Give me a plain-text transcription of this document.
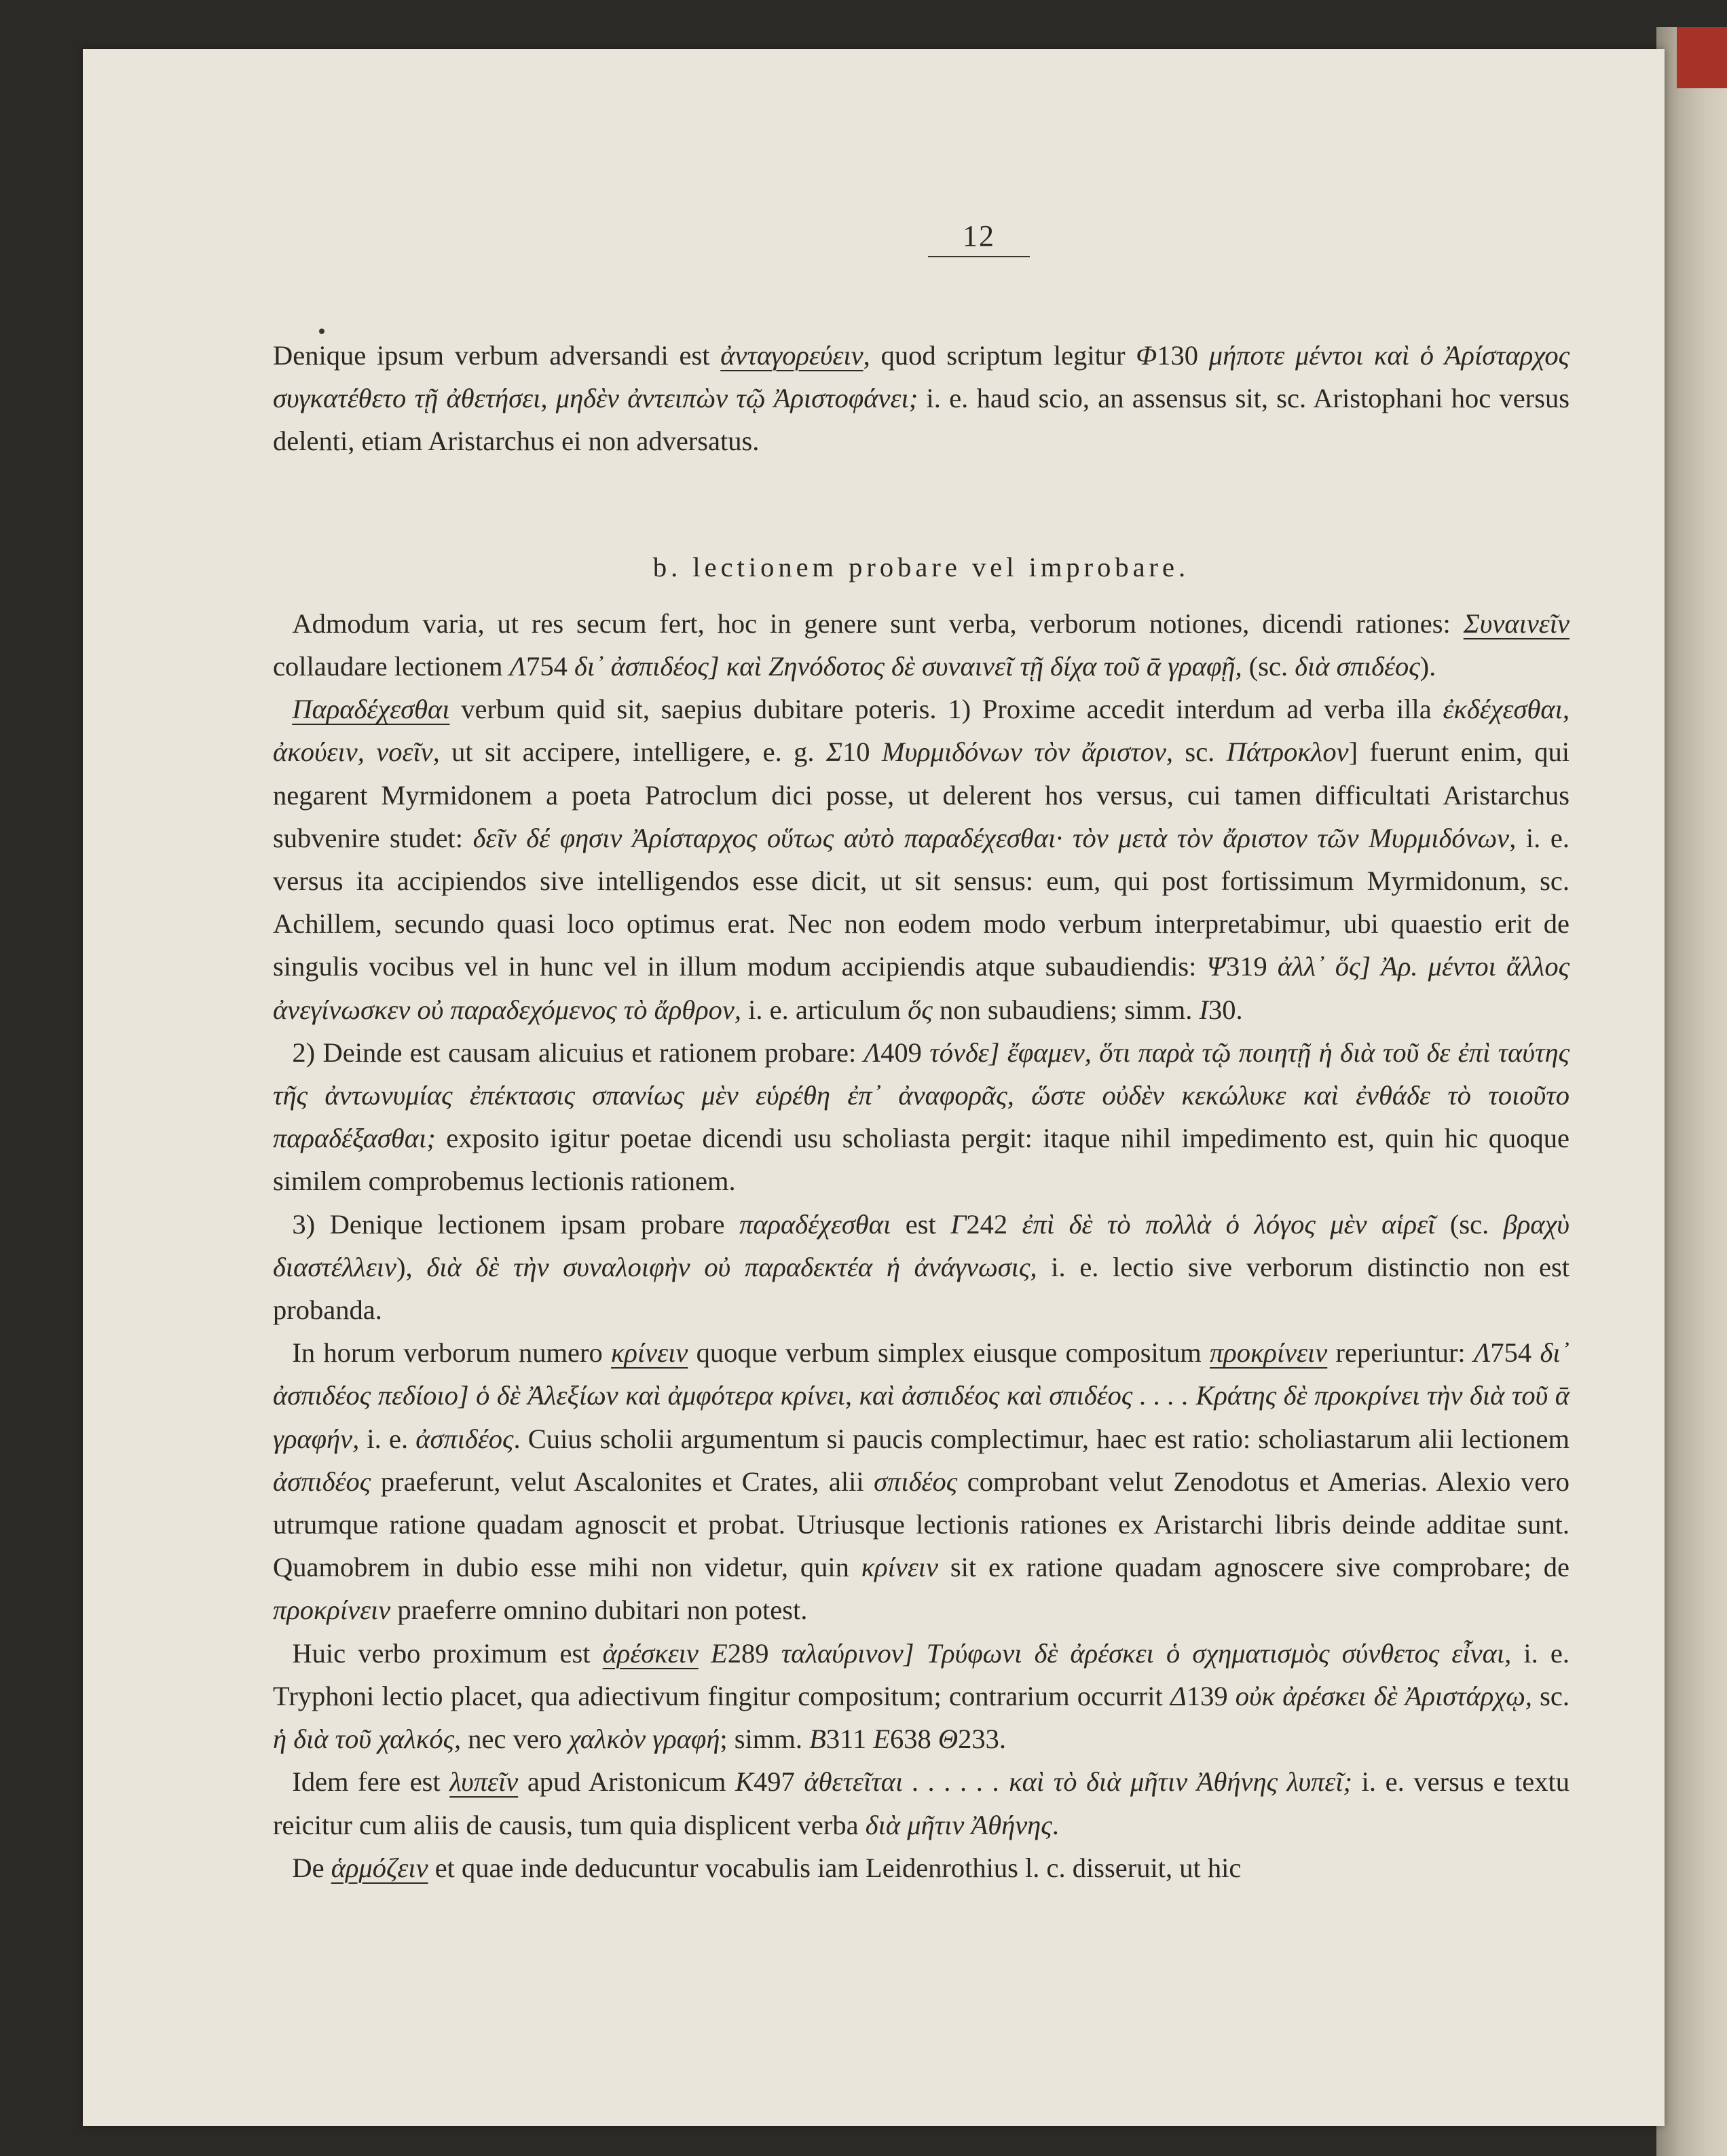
12

Denique ipsum verbum adversandi est ἀνταγορεύειν, quod scriptum legitur Φ130 μήποτε μέντοι καὶ ὁ Ἀρίσταρχος συγκατέθετο τῇ ἀθετήσει, μηδὲν ἀντειπὼν τῷ Ἀριστοφάνει; i. e. haud scio, an assensus sit, sc. Aristophani hoc versus delenti, etiam Aristarchus ei non adversatus.

b. lectionem probare vel improbare.

Admodum varia, ut res secum fert, hoc in genere sunt verba, verborum notiones, dicendi rationes: Συναινεῖν collaudare lectionem Λ754 δι᾽ ἀσπιδέος] καὶ Ζηνόδοτος δὲ συναινεῖ τῇ δίχα τοῦ ᾱ γραφῇ, (sc. διὰ σπιδέος).

Παραδέχεσθαι verbum quid sit, saepius dubitare poteris. 1) Proxime accedit interdum ad verba illa ἐκδέχεσθαι, ἀκούειν, νοεῖν, ut sit accipere, intelligere, e. g. Σ10 Μυρμιδόνων τὸν ἄριστον, sc. Πάτροκλον] fuerunt enim, qui negarent Myrmidonem a poeta Patroclum dici posse, ut delerent hos versus, cui tamen difficultati Aristarchus subvenire studet: δεῖν δέ φησιν Ἀρίσταρχος οὕτως αὐτὸ παραδέχεσθαι· τὸν μετὰ τὸν ἄριστον τῶν Μυρμιδόνων, i. e. versus ita accipiendos sive intelligendos esse dicit, ut sit sensus: eum, qui post fortissimum Myrmidonum, sc. Achillem, secundo quasi loco optimus erat. Nec non eodem modo verbum interpretabimur, ubi quaestio erit de singulis vocibus vel in hunc vel in illum modum accipiendis atque subaudiendis: Ψ319 ἀλλ᾽ ὅς] Ἀρ. μέντοι ἄλλος ἀνεγίνωσκεν οὐ παραδεχόμενος τὸ ἄρθρον, i. e. articulum ὅς non subaudiens; simm. Ι30.

2) Deinde est causam alicuius et rationem probare: Λ409 τόνδε] ἔφαμεν, ὅτι παρὰ τῷ ποιητῇ ἡ διὰ τοῦ δε ἐπὶ ταύτης τῆς ἀντωνυμίας ἐπέκτασις σπανίως μὲν εὑρέθη ἐπ᾽ ἀναφορᾶς, ὥστε οὐδὲν κεκώλυκε καὶ ἐνθάδε τὸ τοιοῦτο παραδέξασθαι; exposito igitur poetae dicendi usu scholiasta pergit: itaque nihil impedimento est, quin hic quoque similem comprobemus lectionis rationem.

3) Denique lectionem ipsam probare παραδέχεσθαι est Γ242 ἐπὶ δὲ τὸ πολλὰ ὁ λόγος μὲν αἱρεῖ (sc. βραχὺ διαστέλλειν), διὰ δὲ τὴν συναλοιφὴν οὐ παραδεκτέα ἡ ἀνάγνωσις, i. e. lectio sive verborum distinctio non est probanda.

In horum verborum numero κρίνειν quoque verbum simplex eiusque compositum προκρίνειν reperiuntur: Λ754 δι᾽ ἀσπιδέος πεδίοιο] ὁ δὲ Ἀλεξίων καὶ ἀμφότερα κρίνει, καὶ ἀσπιδέος καὶ σπιδέος . . . . Κράτης δὲ προκρίνει τὴν διὰ τοῦ ᾱ γραφήν, i. e. ἀσπιδέος. Cuius scholii argumentum si paucis complectimur, haec est ratio: scholiastarum alii lectionem ἀσπιδέος praeferunt, velut Ascalonites et Crates, alii σπιδέος comprobant velut Zenodotus et Amerias. Alexio vero utrumque ratione quadam agnoscit et probat. Utriusque lectionis rationes ex Aristarchi libris deinde additae sunt. Quamobrem in dubio esse mihi non videtur, quin κρίνειν sit ex ratione quadam agnoscere sive comprobare; de προκρίνειν praeferre omnino dubitari non potest.

Huic verbo proximum est ἀρέσκειν Ε289 ταλαύρινον] Τρύφωνι δὲ ἀρέσκει ὁ σχηματισμὸς σύνθετος εἶναι, i. e. Tryphoni lectio placet, qua adiectivum fingitur compositum; contrarium occurrit Δ139 οὐκ ἀρέσκει δὲ Ἀριστάρχῳ, sc. ἡ διὰ τοῦ χαλκός, nec vero χαλκὸν γραφή; simm. Β311 Ε638 Θ233.

Idem fere est λυπεῖν apud Aristonicum Κ497 ἀθετεῖται . . . . . . καὶ τὸ διὰ μῆτιν Ἀθήνης λυπεῖ; i. e. versus e textu reicitur cum aliis de causis, tum quia displicent verba διὰ μῆτιν Ἀθήνης.

De ἁρμόζειν et quae inde deducuntur vocabulis iam Leidenrothius l. c. disseruit, ut hic
